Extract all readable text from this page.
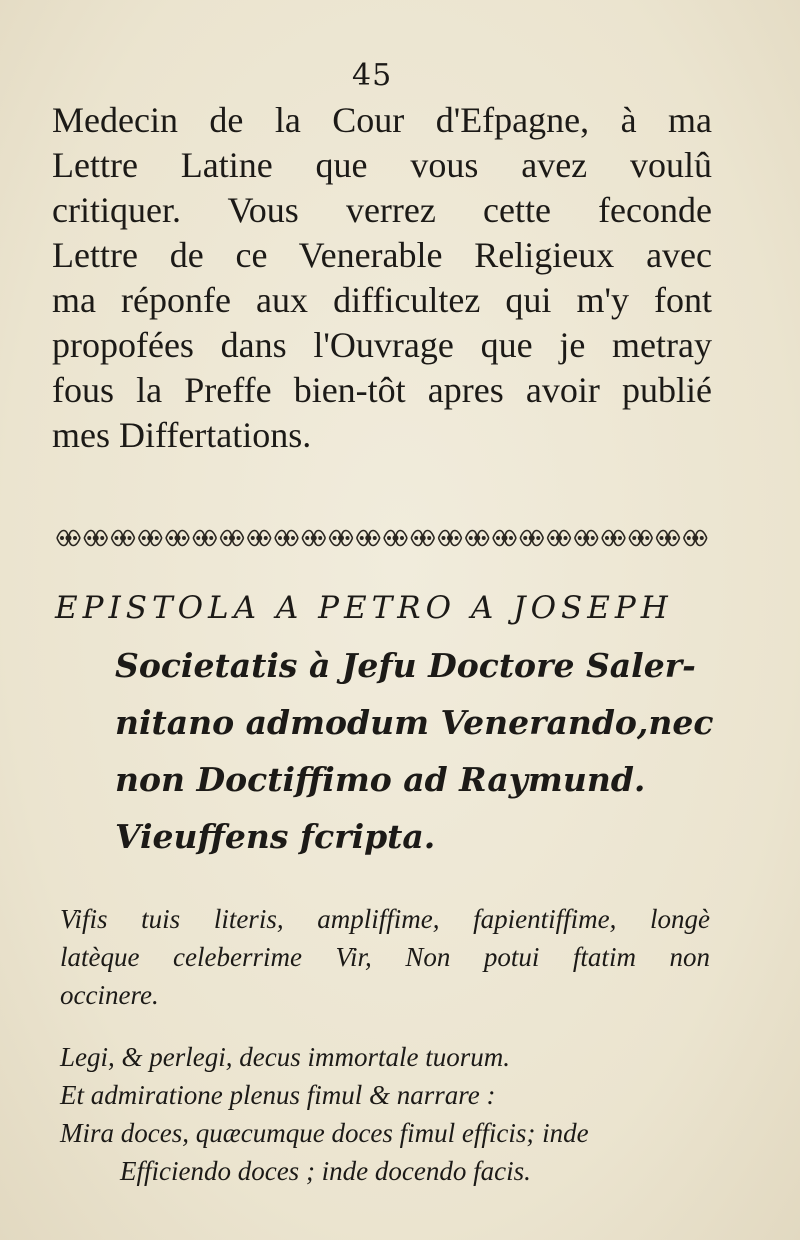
45
Medecin de la Cour d'Efpagne, à ma
Lettre Latine que vous avez voulû
critiquer. Vous verrez cette feconde
Lettre de ce Venerable Religieux avec
ma réponfe aux difficultez qui m'y font
propofées dans l'Ouvrage que je metray
fous la Preffe bien-tôt apres avoir publié
mes Differtations.
EPISTOLA A PETRO A JOSEPH
Societatis à Jefu Doctore Saler-
nitano admodum Venerando,nec
non Doctiffimo ad Raymund.
Vieuffens fcripta.
Vifis tuis literis, ampliffime, fapientiffime, longè
latèque celeberrime Vir, Non potui ftatim non
occinere.
Legi, & perlegi, decus immortale tuorum.
Et admiratione plenus fimul & narrare :
Mira doces, quæcumque doces fimul efficis; inde
Efficiendo doces ; inde docendo facis.
